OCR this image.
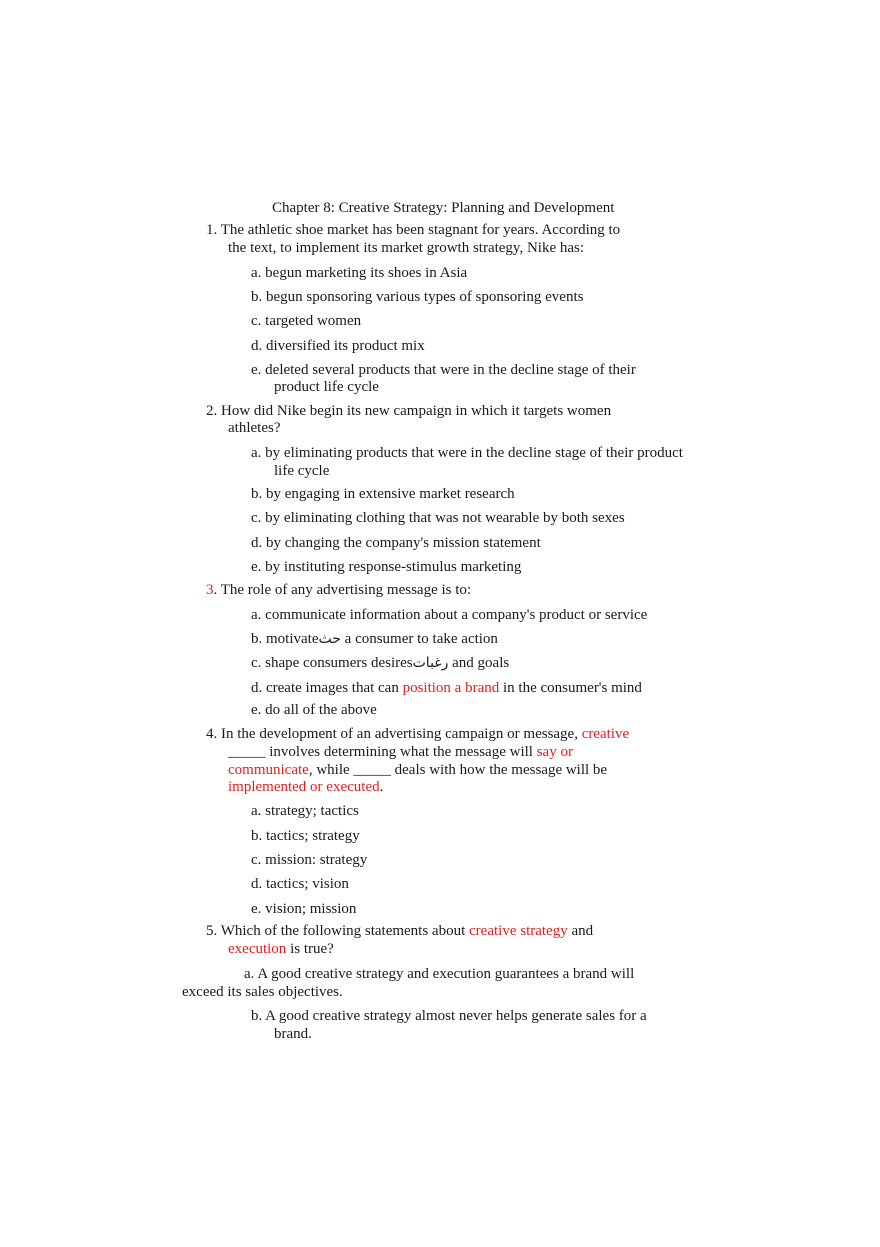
Chapter 8: Creative Strategy: Planning and Development
1. The athletic shoe market has been stagnant for years. According to
the text, to implement its market growth strategy, Nike has:
a. begun marketing its shoes in Asia
b. begun sponsoring various types of sponsoring events
c. targeted women
d. diversified its product mix
e. deleted several products that were in the decline stage of their
product life cycle
2. How did Nike begin its new campaign in which it targets women
athletes?
a. by eliminating products that were in the decline stage of their product
life cycle
b. by engaging in extensive market research
c. by eliminating clothing that was not wearable by both sexes
d. by changing the company's mission statement
e. by instituting response-stimulus marketing
3. The role of any advertising message is to:
a. communicate information about a company's product or service
b. motivateحث a consumer to take action
c. shape consumers desiresرغبات and goals
d. create images that can position a brand in the consumer's mind
e. do all of the above
4. In the development of an advertising campaign or message, creative
_____ involves determining what the message will say or
communicate, while _____ deals with how the message will be
implemented or executed.
a. strategy; tactics
b. tactics; strategy
c. mission: strategy
d. tactics; vision
e. vision; mission
5. Which of the following statements about creative strategy and
execution is true?
a. A good creative strategy and execution guarantees a brand will
exceed its sales objectives.
b. A good creative strategy almost never helps generate sales for a
brand.
